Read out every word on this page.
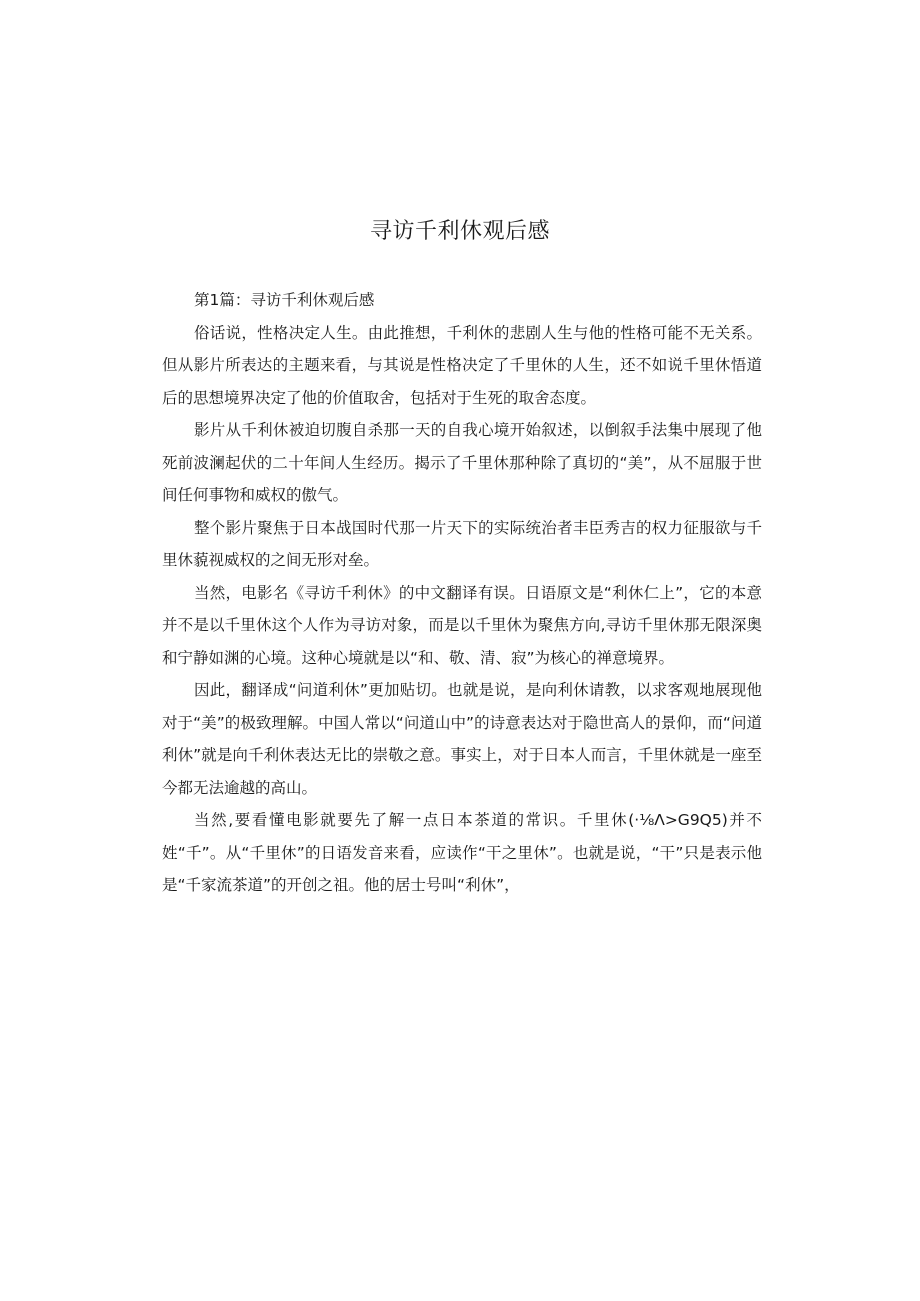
寻访千利休观后感

第1篇：寻访千利休观后感

俗话说，性格决定人生。由此推想，千利休的悲剧人生与他的性格可能不无关系。但从影片所表达的主题来看，与其说是性格决定了千里休的人生，还不如说千里休悟道后的思想境界决定了他的价值取舍，包括对于生死的取舍态度。

影片从千利休被迫切腹自杀那一天的自我心境开始叙述，以倒叙手法集中展现了他死前波澜起伏的二十年间人生经历。揭示了千里休那种除了真切的“美”，从不屈服于世间任何事物和威权的傲气。

整个影片聚焦于日本战国时代那一片天下的实际统治者丰臣秀吉的权力征服欲与千里休藐视威权的之间无形对垒。

当然，电影名《寻访千利休》的中文翻译有误。日语原文是“利休仁上”，它的本意并不是以千里休这个人作为寻访对象，而是以千里休为聚焦方向,寻访千里休那无限深奥和宁静如渊的心境。这种心境就是以“和、敬、清、寂”为核心的禅意境界。

因此，翻译成“问道利休”更加贴切。也就是说，是向利休请教，以求客观地展现他对于“美”的极致理解。中国人常以“问道山中”的诗意表达对于隐世高人的景仰，而“问道利休”就是向千利休表达无比的崇敬之意。事实上，对于日本人而言，千里休就是一座至今都无法逾越的高山。

当然,要看懂电影就要先了解一点日本茶道的常识。千里休(·⅛Λ>G9Q5)并不姓“千”。从“千里休”的日语发音来看，应读作“干之里休”。也就是说，“干”只是表示他是“千家流茶道”的开创之祖。他的居士号叫“利休”，
